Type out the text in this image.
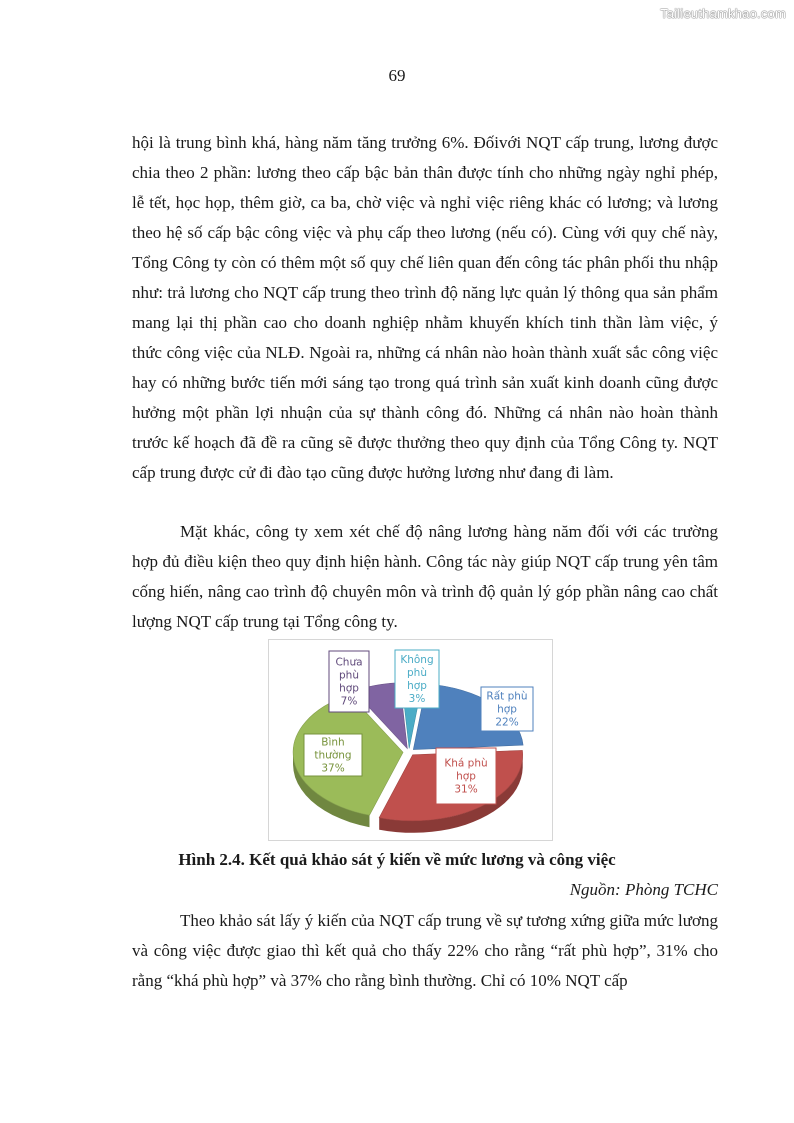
Tailieuthamkhao.com
69

hội là trung bình khá, hàng năm tăng trưởng 6%. Đốivới NQT cấp trung, lương được chia theo 2 phần: lương theo cấp bậc bản thân được tính cho những ngày nghỉ phép, lễ tết, học họp, thêm giờ, ca ba, chờ việc và nghỉ việc riêng khác có lương; và lương theo hệ số cấp bậc công việc và phụ cấp theo lương (nếu có). Cùng với quy chế này, Tổng Công ty còn có thêm một số quy chế liên quan đến công tác phân phối thu nhập như: trả lương cho NQT cấp trung theo trình độ năng lực quản lý thông qua sản phẩm mang lại thị phần cao cho doanh nghiệp nhằm khuyến khích tinh thần làm việc, ý thức công việc của NLĐ. Ngoài ra, những cá nhân nào hoàn thành xuất sắc công việc hay có những bước tiến mới sáng tạo trong quá trình sản xuất kinh doanh cũng được hưởng một phần lợi nhuận của sự thành công đó. Những cá nhân nào hoàn thành trước kế hoạch đã đề ra cũng sẽ được thưởng theo quy định của Tổng Công ty. NQT cấp trung được cử đi đào tạo cũng được hưởng lương như đang đi làm.

Mặt khác, công ty xem xét chế độ nâng lương hàng năm đối với các trường hợp đủ điều kiện theo quy định hiện hành. Công tác này giúp NQT cấp trung yên tâm cống hiến, nâng cao trình độ chuyên môn và trình độ quản lý góp phần nâng cao chất lượng NQT cấp trung tại Tổng công ty.

Rất phù
hợp
22%
Khá phù
hợp
31%
Bình
thường
37%
Chưa
phù
hợp
7%
Không
phù
hợp
3%

Hình 2.4. Kết quả khảo sát ý kiến về mức lương và công việc

Nguồn: Phòng TCHC

Theo khảo sát lấy ý kiến của NQT cấp trung về sự tương xứng giữa mức lương và công việc được giao thì kết quả cho thấy 22% cho rằng “rất phù hợp”, 31% cho rằng “khá phù hợp” và 37% cho rằng bình thường. Chỉ có 10% NQT cấp
